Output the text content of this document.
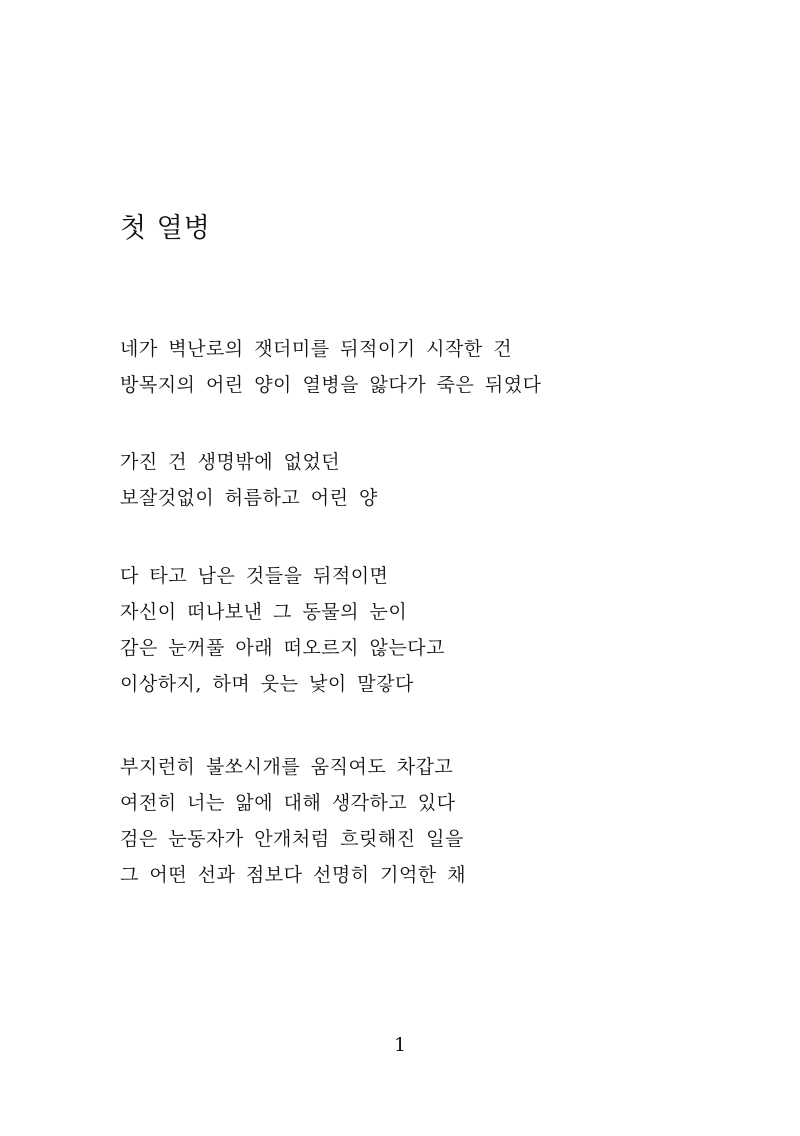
첫 열병
네가 벽난로의 잿더미를 뒤적이기 시작한 건
방목지의 어린 양이 열병을 앓다가 죽은 뒤였다
가진 건 생명밖에 없었던
보잘것없이 허름하고 어린 양
다 타고 남은 것들을 뒤적이면
자신이 떠나보낸 그 동물의 눈이
감은 눈꺼풀 아래 떠오르지 않는다고
이상하지, 하며 웃는 낯이 말갛다
부지런히 불쏘시개를 움직여도 차갑고
여전히 너는 앎에 대해 생각하고 있다
검은 눈동자가 안개처럼 흐릿해진 일을
그 어떤 선과 점보다 선명히 기억한 채
1
